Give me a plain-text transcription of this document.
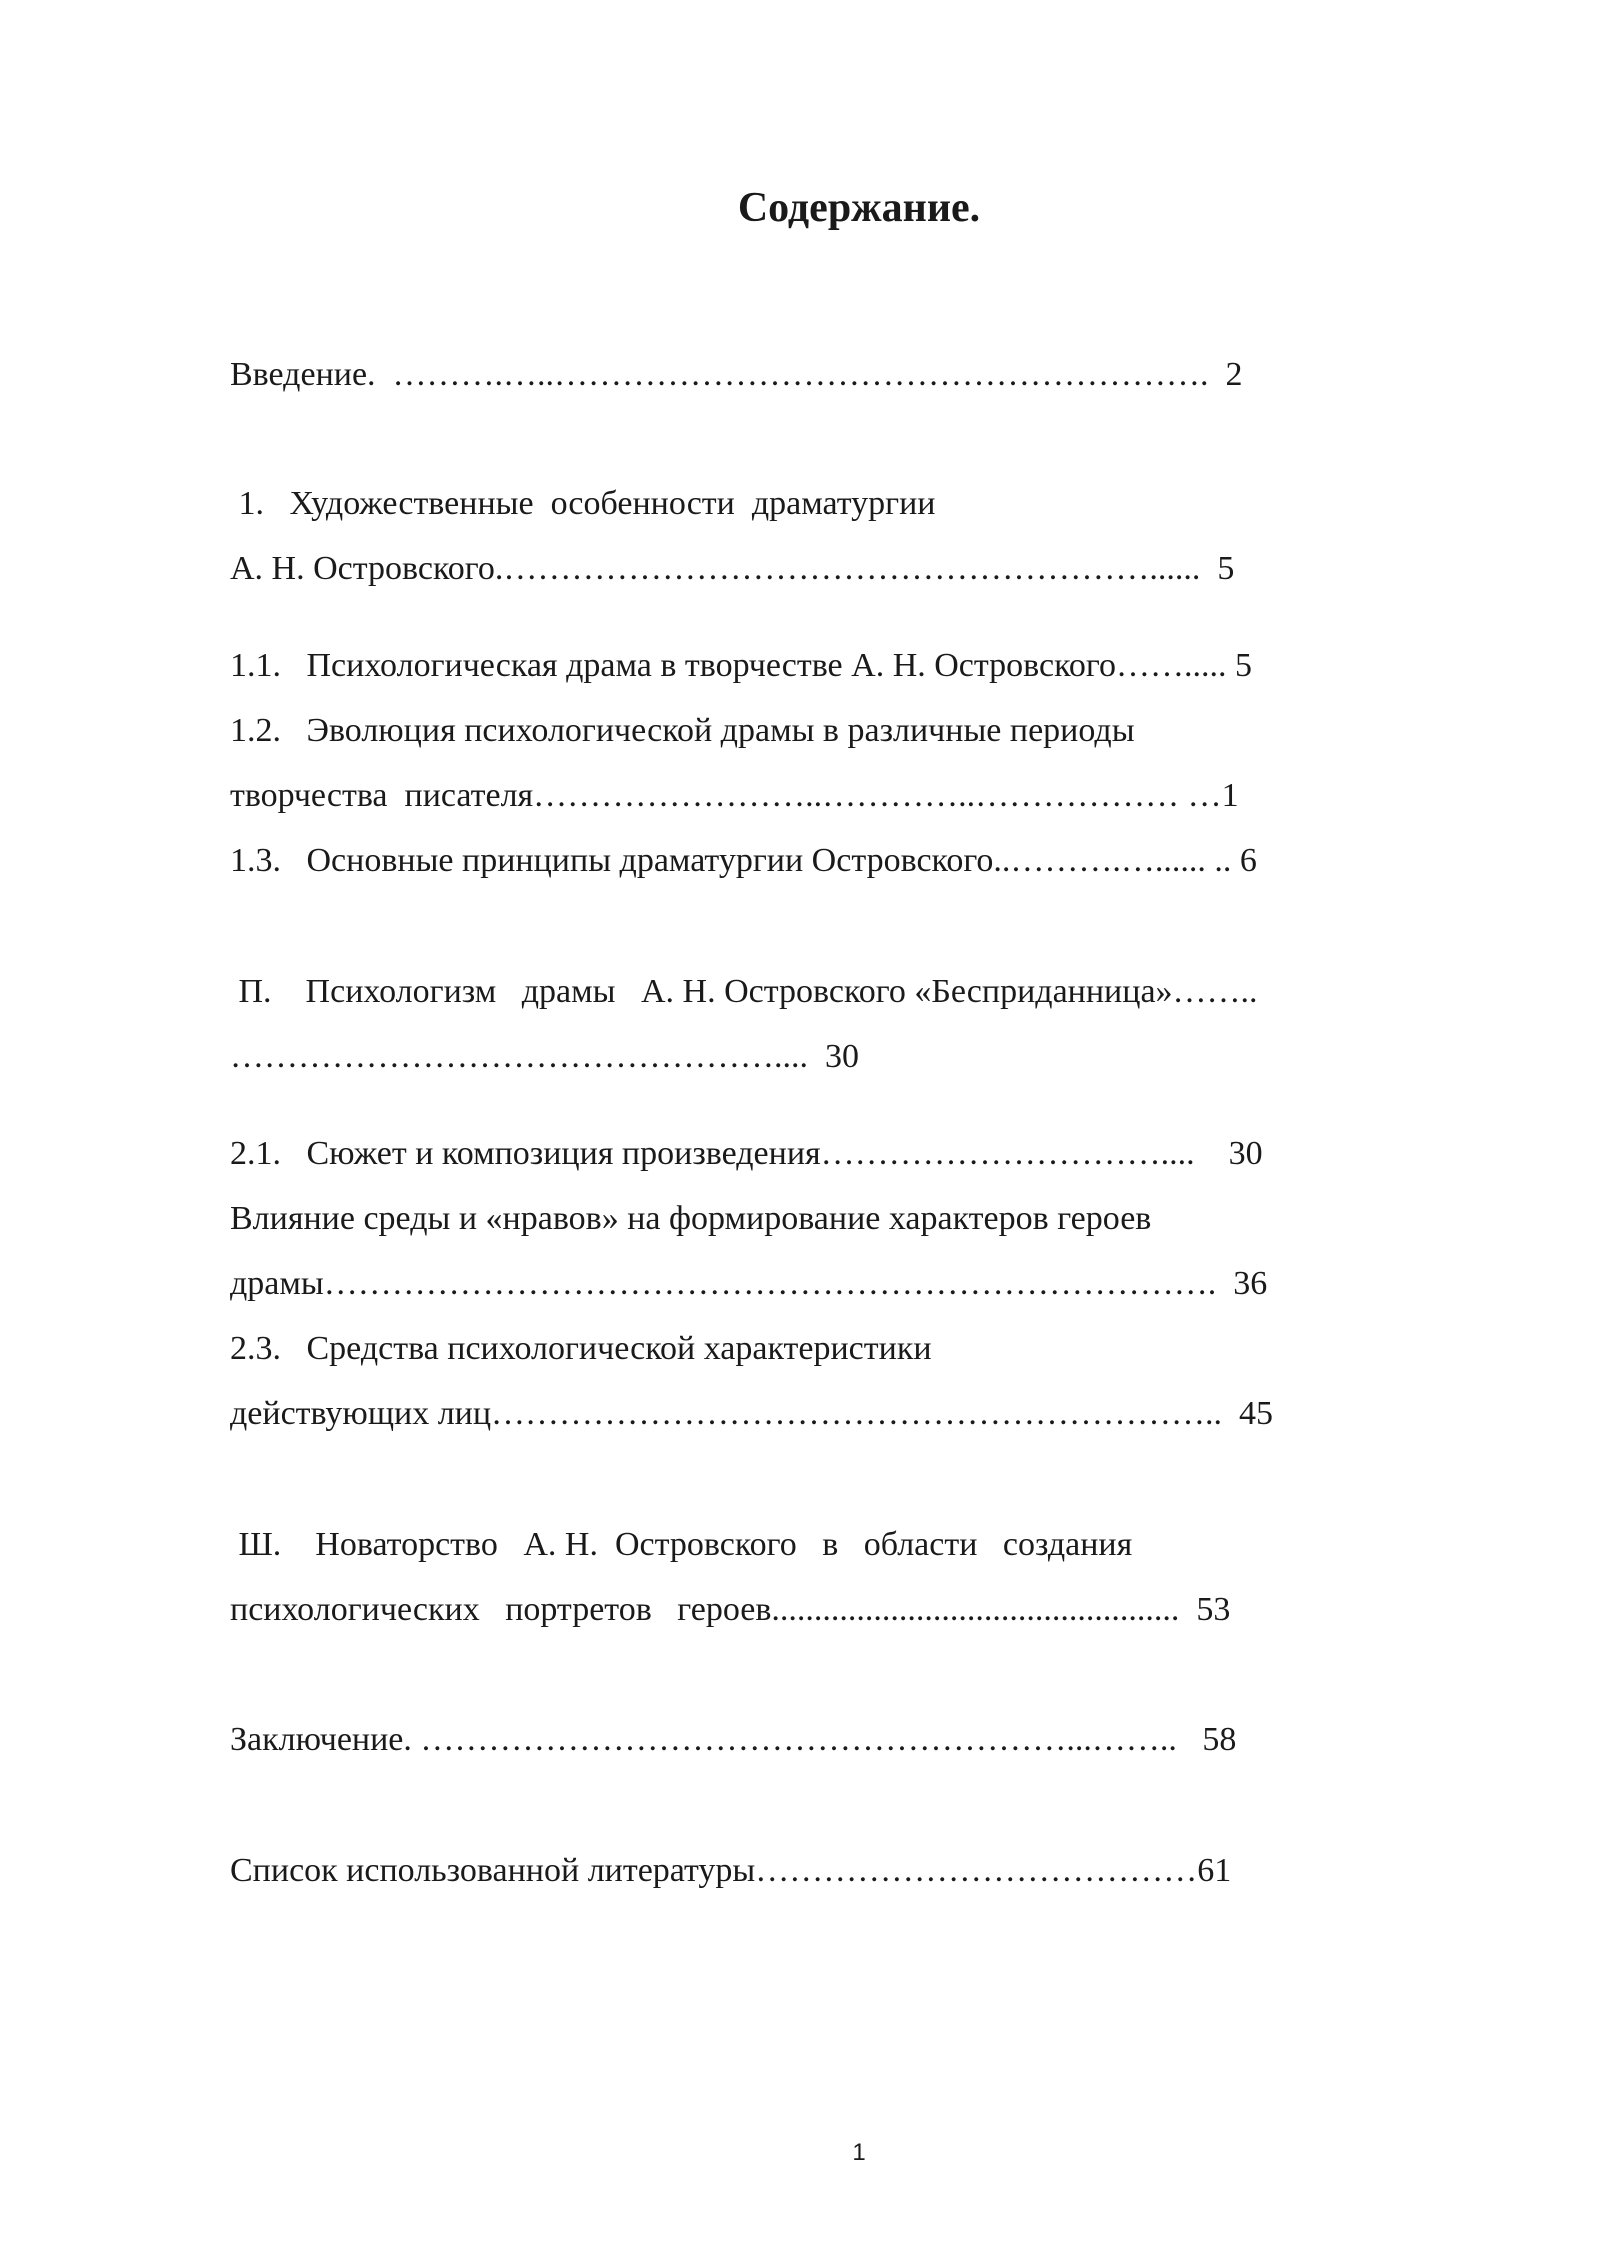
Содержание.
Введение.  ……….…..………………………………………………….  2
1.   Художественные  особенности  драматургии
А. Н. Островского.…………………………………………………......  5
1.1.   Психологическая драма в творчестве А. Н. Островского……..... 5
1.2.   Эволюция психологической драмы в различные периоды
творчества  писателя……………………..…………..……………… …1
1.3.   Основные принципы драматургии Островского..……….…...... .. 6
П.    Психологизм   драмы   А. Н. Островского «Бесприданница»……..
…………………………………………....  30
2.1.   Сюжет и композиция произведения…………………………....    30
Влияние среды и «нравов» на формирование характеров героев
драмы…………………………………………………………………….  36
2.3.   Средства психологической характеристики
действующих лиц………………………………………………………..  45
Ш.    Новаторство   А. Н.  Островского   в   области   создания
психологических   портретов   героев................................................  53
Заключение. …………………………………………………...……..   58
Список использованной литературы…………………………………61
1
